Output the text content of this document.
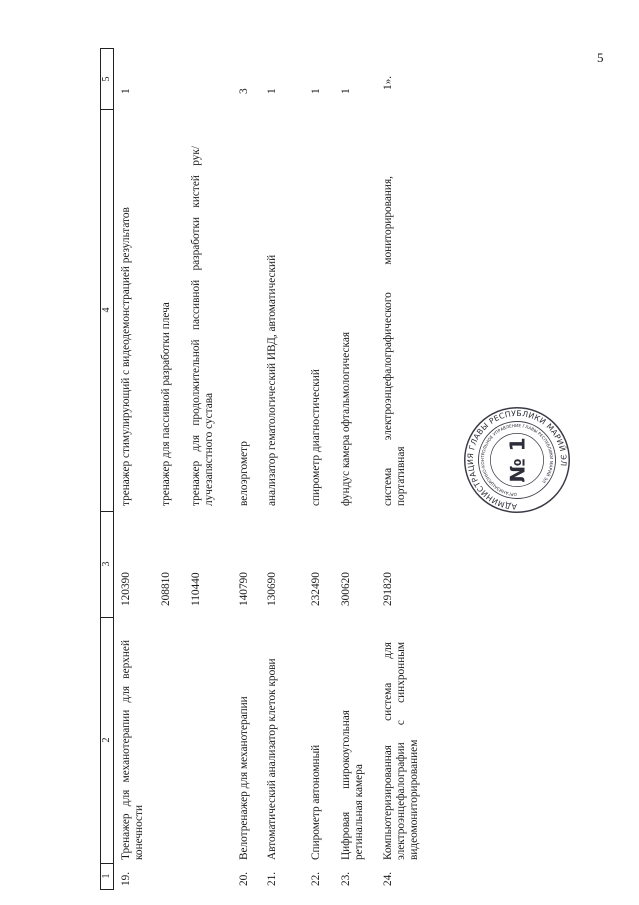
5
1
2
3
4
5
19.
Тренажер для механотерапии для верхней конечности
120390
тренажер стимулирующий с видеодемонстрацией результатов
1
208810
тренажер для пассивной разработки плеча
110440
тренажер для продолжительной пассивной разработки кистей рук/лучезапястного сустава
20.
Велотренажер для механотерапии
140790
велоэргометр
3
21.
Автоматический анализатор клеток крови
130690
анализатор гематологический ИВД, автоматический
1
22.
Спирометр автономный
232490
спирометр диагностический
1
23.
Цифровая широкоугольная ретинальная камера
300620
фундус камера офтальмологическая
1
24.
Компьютеризированная система для электроэнцефалографии с синхронным видеомониторированием
291820
система электроэнцефалографического мониторирования, портативная
1».
АДМИНИСТРАЦИЯ ГЛАВЫ РЕСПУБЛИКИ МАРИЙ ЭЛ
ОРГАНИЗАЦИОННО-КОНТРОЛЬНОЕ УПРАВЛЕНИЕ ГЛАВЫ РЕСПУБЛИКИ МАРИЙ ЭЛ
№ 1
